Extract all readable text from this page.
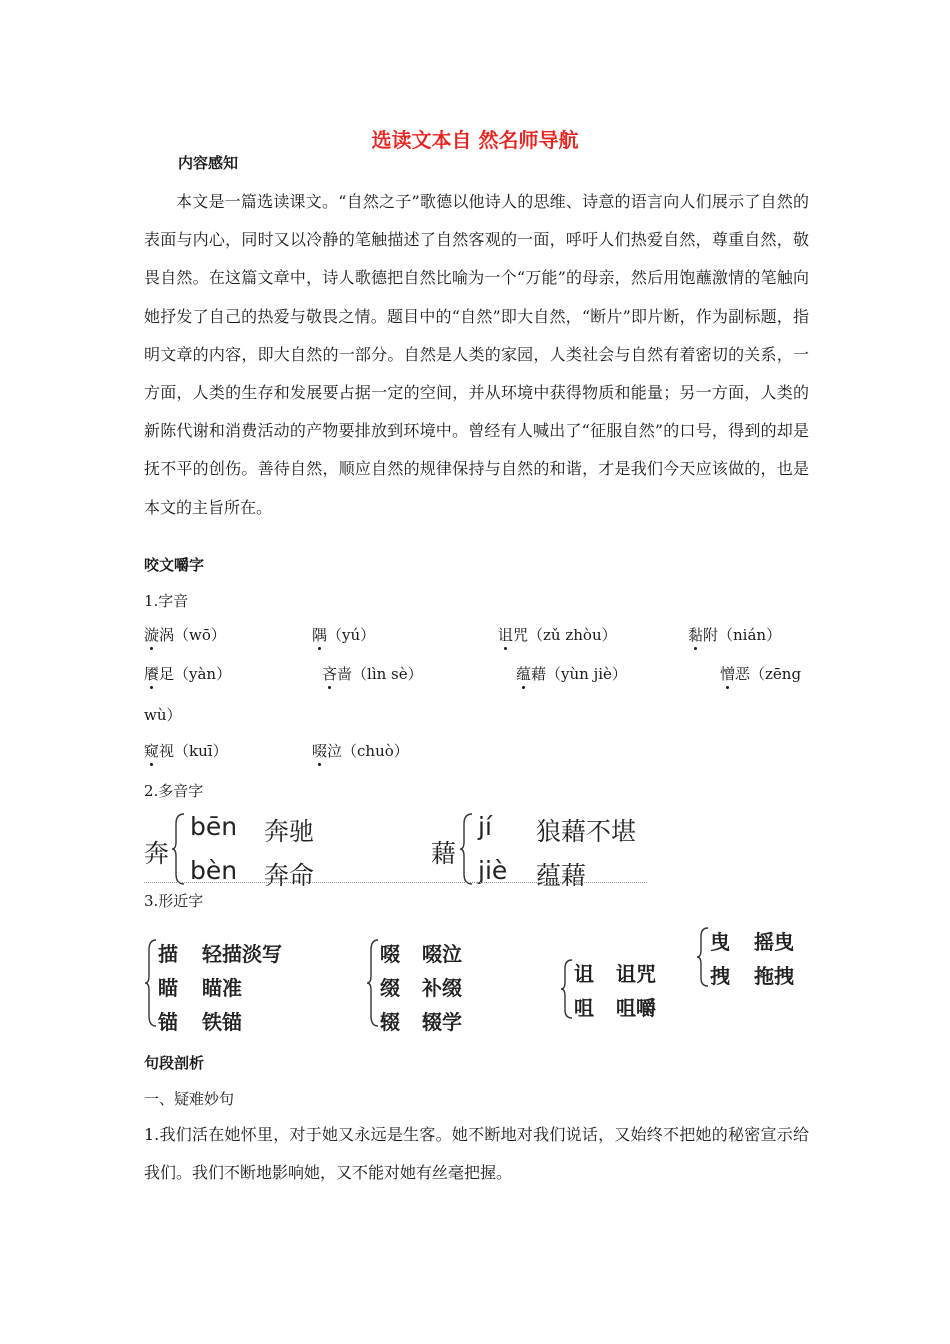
选读文本自 然名师导航
内容感知

本文是一篇选读课文。“自然之子”歌德以他诗人的思维、诗意的语言向人们展示了自然的表面与内心，同时又以冷静的笔触描述了自然客观的一面，呼吁人们热爱自然，尊重自然，敬畏自然。在这篇文章中，诗人歌德把自然比喻为一个“万能”的母亲，然后用饱蘸激情的笔触向她抒发了自己的热爱与敬畏之情。题目中的“自然”即大自然，“断片”即片断，作为副标题，指明文章的内容，即大自然的一部分。自然是人类的家园，人类社会与自然有着密切的关系，一方面，人类的生存和发展要占据一定的空间，并从环境中获得物质和能量；另一方面，人类的新陈代谢和消费活动的产物要排放到环境中。曾经有人喊出了“征服自然”的口号，得到的却是抚不平的创伤。善待自然，顺应自然的规律保持与自然的和谐，才是我们今天应该做的，也是本文的主旨所在。

咬文嚼字
1.字音
漩涡（wō）	隅（yú）	诅咒（zǔ zhòu）	黏附（nián）
餍足（yàn）	吝啬（lìn sè）	蕴藉（yùn jiè）	憎恶（zēng
wù）
窥视（kuī）	啜泣（chuò）
2.多音字
奔
bēn 奔驰
bèn 奔命
藉
jí 狼藉不堪
jiè 蕴藉
3.形近字
描 轻描淡写
瞄 瞄准
锚 铁锚
啜 啜泣
缀 补缀
辍 辍学
诅 诅咒
咀 咀嚼
曳 摇曳
拽 拖拽
句段剖析
一、疑难妙句

1.我们活在她怀里，对于她又永远是生客。她不断地对我们说话，又始终不把她的秘密宣示给我们。我们不断地影响她，又不能对她有丝毫把握。
